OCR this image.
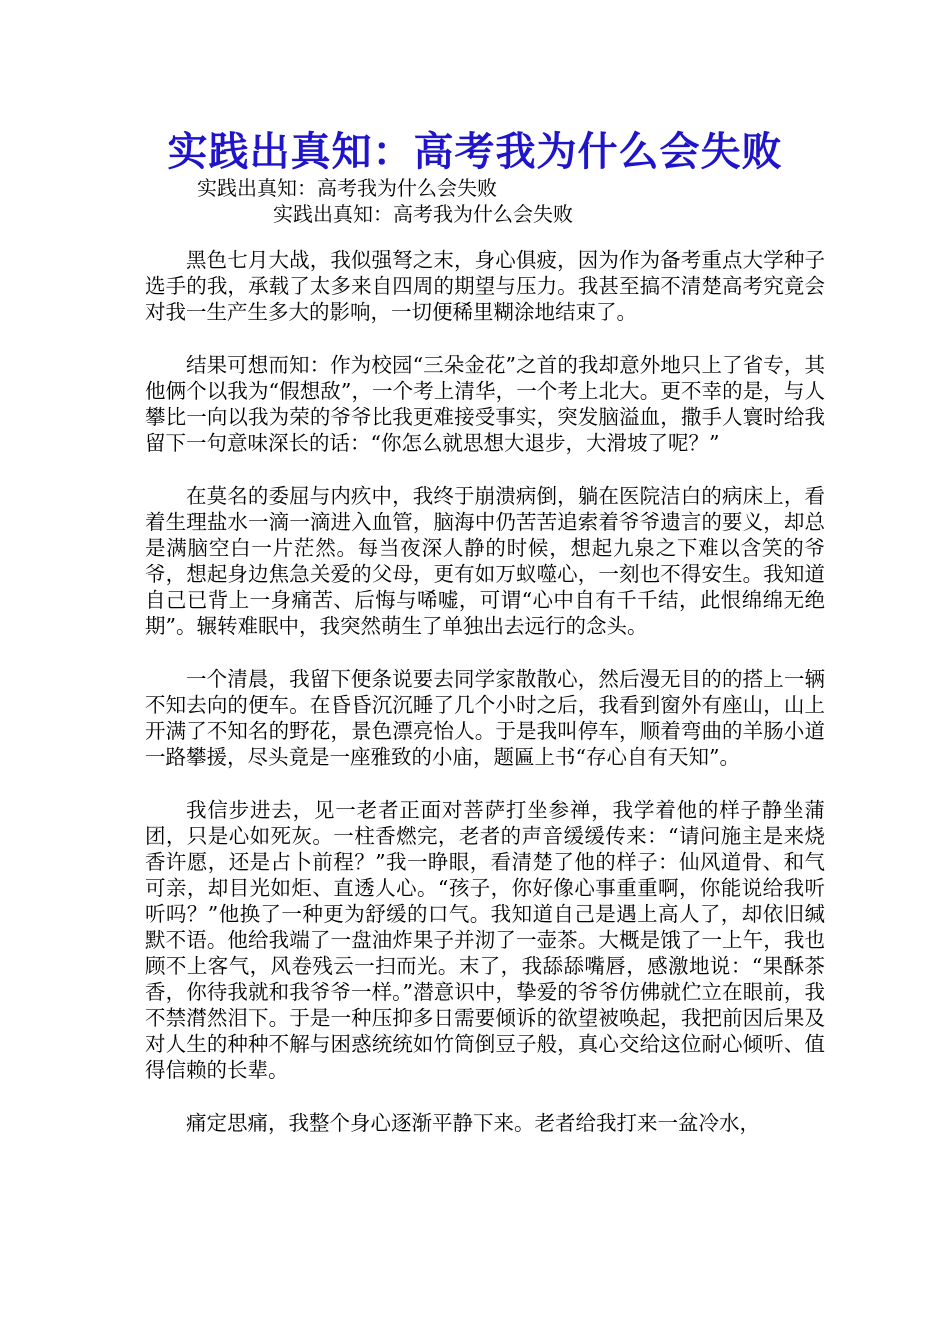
实践出真知：高考我为什么会失败

实践出真知：高考我为什么会失败

实践出真知：高考我为什么会失败

黑色七月大战，我似强弩之末，身心俱疲，因为作为备考重点大学种子选手的我，承载了太多来自四周的期望与压力。我甚至搞不清楚高考究竟会对我一生产生多大的影响，一切便稀里糊涂地结束了。

结果可想而知：作为校园“三朵金花”之首的我却意外地只上了省专，其他俩个以我为“假想敌”，一个考上清华，一个考上北大。更不幸的是，与人攀比一向以我为荣的爷爷比我更难接受事实，突发脑溢血，撒手人寰时给我留下一句意味深长的话：“你怎么就思想大退步，大滑坡了呢？”

在莫名的委屈与内疚中，我终于崩溃病倒，躺在医院洁白的病床上，看着生理盐水一滴一滴进入血管，脑海中仍苦苦追索着爷爷遗言的要义，却总是满脑空白一片茫然。每当夜深人静的时候，想起九泉之下难以含笑的爷爷，想起身边焦急关爱的父母，更有如万蚁噬心，一刻也不得安生。我知道自己已背上一身痛苦、后悔与唏嘘，可谓“心中自有千千结，此恨绵绵无绝期”。辗转难眠中，我突然萌生了单独出去远行的念头。

一个清晨，我留下便条说要去同学家散散心，然后漫无目的的搭上一辆不知去向的便车。在昏昏沉沉睡了几个小时之后，我看到窗外有座山，山上开满了不知名的野花，景色漂亮怡人。于是我叫停车，顺着弯曲的羊肠小道一路攀援，尽头竟是一座雅致的小庙，题匾上书“存心自有天知”。

我信步进去，见一老者正面对菩萨打坐参禅，我学着他的样子静坐蒲团，只是心如死灰。一柱香燃完，老者的声音缓缓传来：“请问施主是来烧香许愿，还是占卜前程？”我一睁眼，看清楚了他的样子：仙风道骨、和气可亲，却目光如炬、直透人心。“孩子，你好像心事重重啊，你能说给我听听吗？”他换了一种更为舒缓的口气。我知道自己是遇上高人了，却依旧缄默不语。他给我端了一盘油炸果子并沏了一壶茶。大概是饿了一上午，我也顾不上客气，风卷残云一扫而光。末了，我舔舔嘴唇，感激地说：“果酥茶香，你待我就和我爷爷一样。”潜意识中，挚爱的爷爷仿佛就伫立在眼前，我不禁潸然泪下。于是一种压抑多日需要倾诉的欲望被唤起，我把前因后果及对人生的种种不解与困惑统统如竹筒倒豆子般，真心交给这位耐心倾听、值得信赖的长辈。

痛定思痛，我整个身心逐渐平静下来。老者给我打来一盆冷水，
